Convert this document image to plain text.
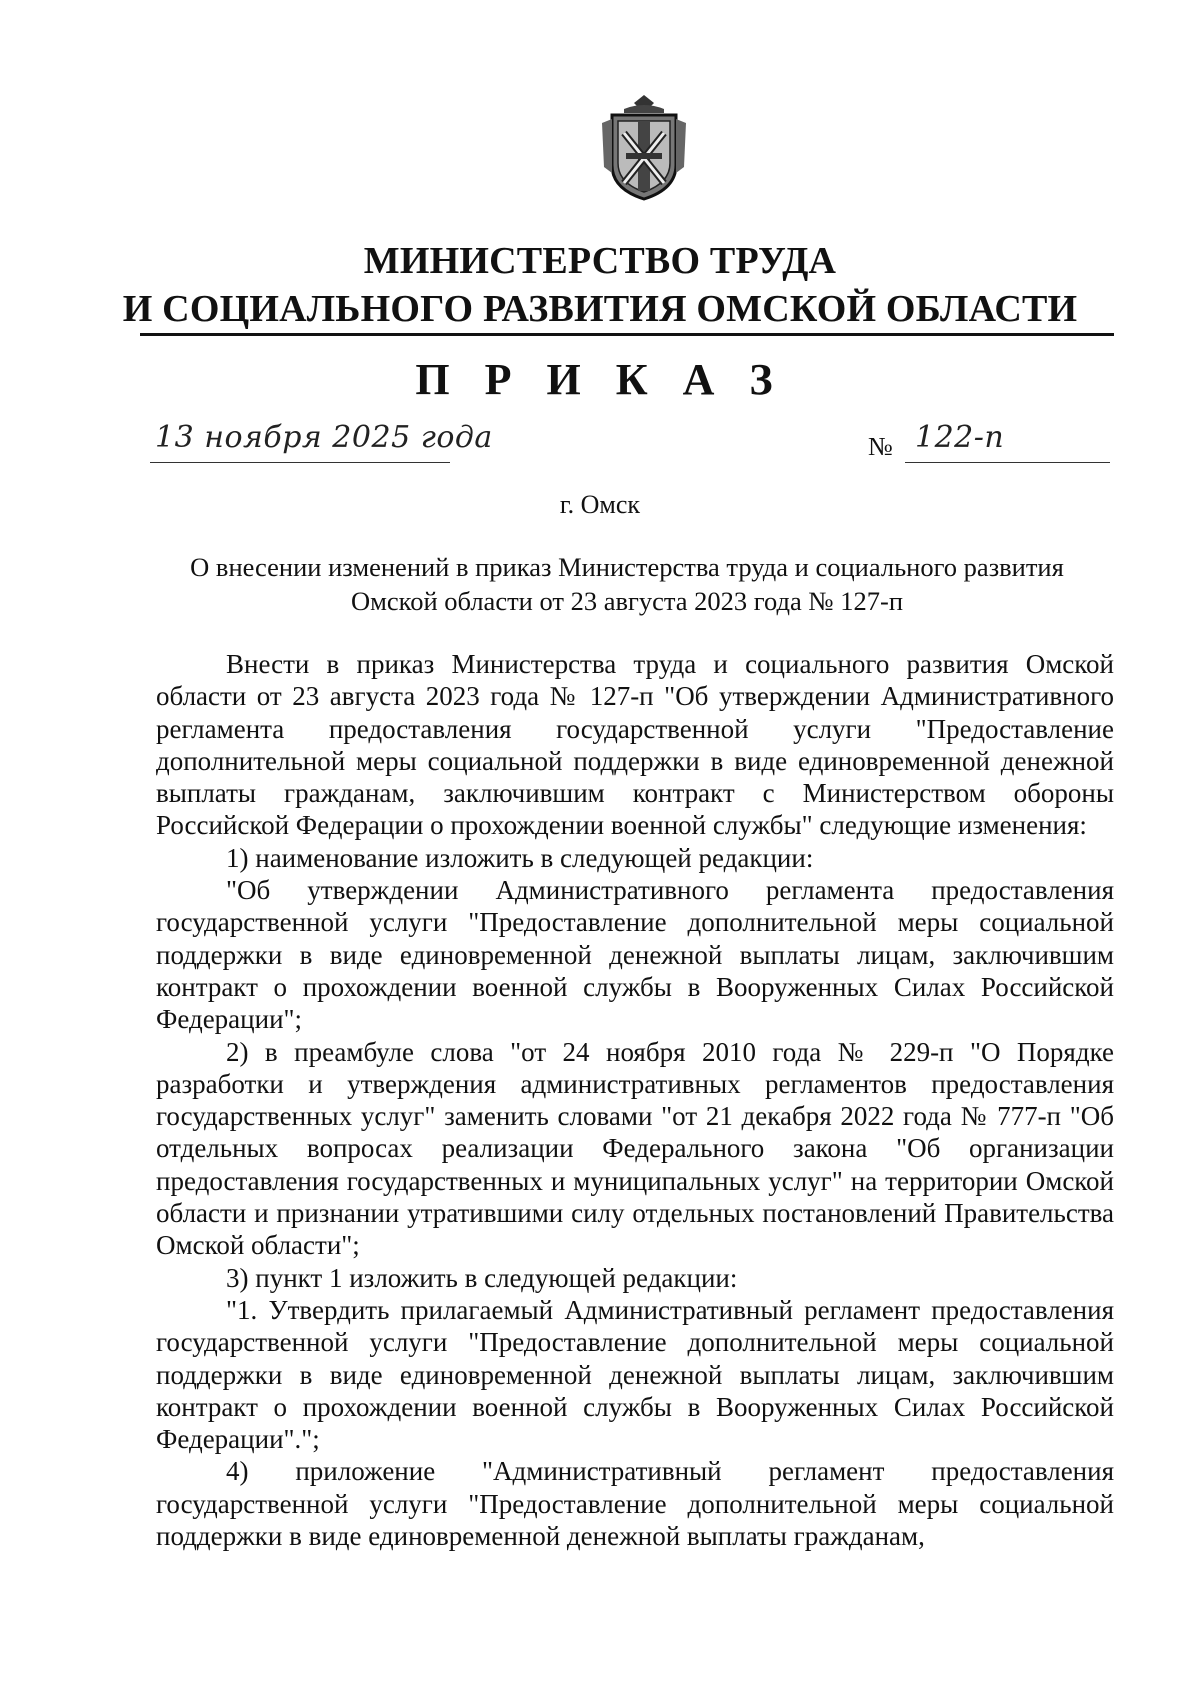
МИНИСТЕРСТВО ТРУДА
И СОЦИАЛЬНОГО РАЗВИТИЯ ОМСКОЙ ОБЛАСТИ
П Р И К А З
13 ноября 2025 года	№ 122-п
г. Омск
О внесении изменений в приказ Министерства труда и социального развития
Омской области от 23 августа 2023 года № 127-п

Внести в приказ Министерства труда и социального развития Омской области от 23 августа 2023 года № 127-п "Об утверждении Административного регламента предоставления государственной услуги "Предоставление дополнительной меры социальной поддержки в виде единовременной денежной выплаты гражданам, заключившим контракт с Министерством обороны Российской Федерации о прохождении военной службы" следующие изменения:

1) наименование изложить в следующей редакции:

"Об утверждении Административного регламента предоставления государственной услуги "Предоставление дополнительной меры социальной поддержки в виде единовременной денежной выплаты лицам, заключившим контракт о прохождении военной службы в Вооруженных Силах Российской Федерации";

2) в преамбуле слова "от 24 ноября 2010 года № 229-п "О Порядке разработки и утверждения административных регламентов предоставления государственных услуг" заменить словами "от 21 декабря 2022 года № 777-п "Об отдельных вопросах реализации Федерального закона "Об организации предоставления государственных и муниципальных услуг" на территории Омской области и признании утратившими силу отдельных постановлений Правительства Омской области";

3) пункт 1 изложить в следующей редакции:

"1. Утвердить прилагаемый Административный регламент предоставления государственной услуги "Предоставление дополнительной меры социальной поддержки в виде единовременной денежной выплаты лицам, заключившим контракт о прохождении военной службы в Вооруженных Силах Российской Федерации".";

4) приложение "Административный регламент предоставления государственной услуги "Предоставление дополнительной меры социальной поддержки в виде единовременной денежной выплаты гражданам,
